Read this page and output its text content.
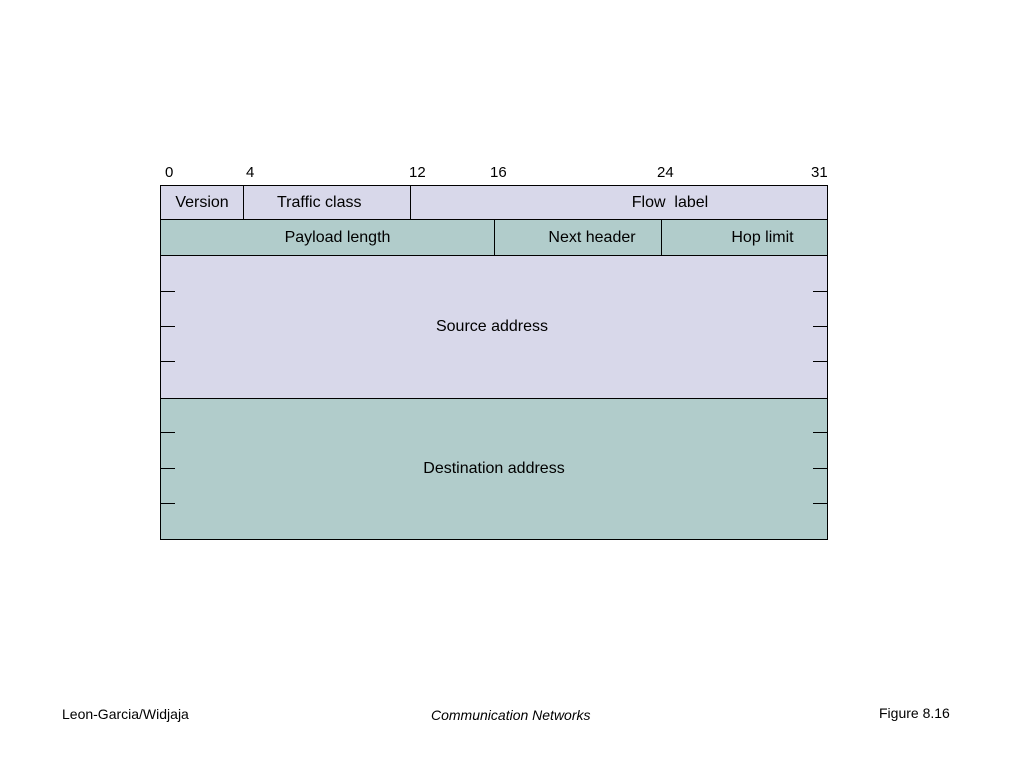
0	4	12	16	24	31
Version	Traffic class	Flow  label
Payload length	Next header	Hop limit
Source address
Destination address
Leon-Garcia/Widjaja	Communication Networks	Figure 8.16
